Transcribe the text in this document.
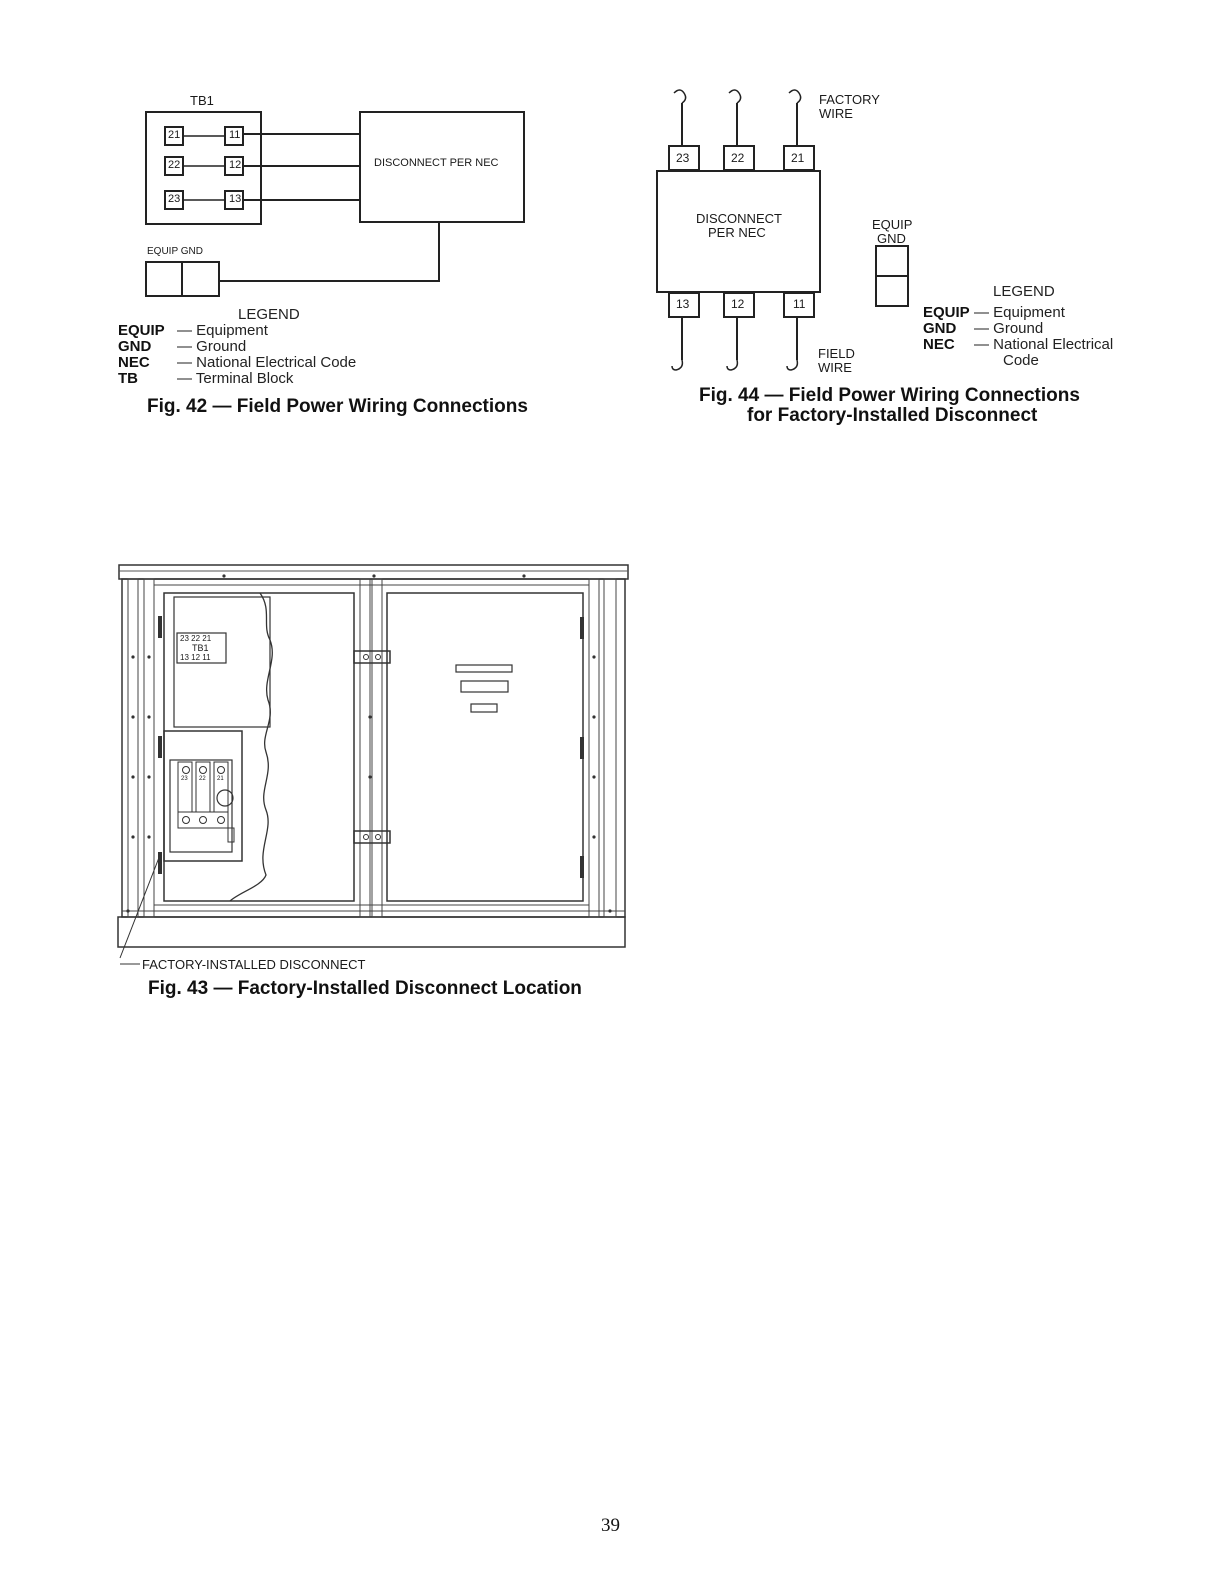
TB1
21
22
23
11
12
13
DISCONNECT PER NEC
EQUIP GND
LEGEND
EQUIP — Equipment
GND — Ground
NEC — National Electrical Code
TB	— Terminal Block
Fig. 42 — Field Power Wiring Connections
FACTORY
WIRE
23	22	21
DISCONNECT
PER NEC
13	12	11
FIELD
WIRE
EQUIP
GND
LEGEND
EQUIP — Equipment
GND — Ground
NEC — National Electrical
Code
Fig. 44 — Field Power Wiring Connections
for Factory-Installed Disconnect
23 22 21
TB1
13 12 11
23 22 21
FACTORY-INSTALLED DISCONNECT
Fig. 43 — Factory-Installed Disconnect Location
39
